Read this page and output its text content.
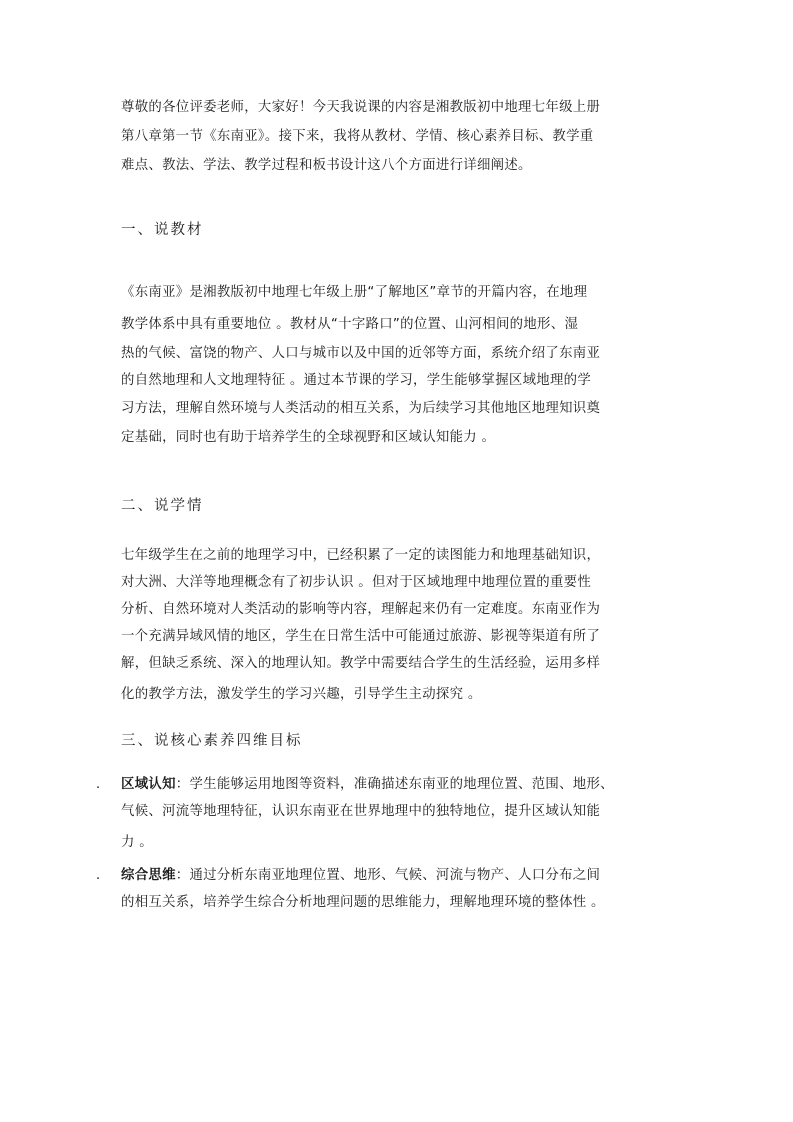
尊敬的各位评委老师，大家好！今天我说课的内容是湘教版初中地理七年级上册
第八章第一节《东南亚》。接下来，我将从教材、学情、核心素养目标、教学重
难点、教法、学法、教学过程和板书设计这八个方面进行详细阐述。
一、说教材
《东南亚》是湘教版初中地理七年级上册“了解地区”章节的开篇内容，在地理
教学体系中具有重要地位 。教材从“十字路口”的位置、山河相间的地形、湿
热的气候、富饶的物产、人口与城市以及中国的近邻等方面，系统介绍了东南亚
的自然地理和人文地理特征 。通过本节课的学习，学生能够掌握区域地理的学
习方法，理解自然环境与人类活动的相互关系，为后续学习其他地区地理知识奠
定基础，同时也有助于培养学生的全球视野和区域认知能力 。
二、说学情
七年级学生在之前的地理学习中，已经积累了一定的读图能力和地理基础知识，
对大洲、大洋等地理概念有了初步认识 。但对于区域地理中地理位置的重要性
分析、自然环境对人类活动的影响等内容，理解起来仍有一定难度。东南亚作为
一个充满异域风情的地区，学生在日常生活中可能通过旅游、影视等渠道有所了
解，但缺乏系统、深入的地理认知。教学中需要结合学生的生活经验，运用多样
化的教学方法，激发学生的学习兴趣，引导学生主动探究 。
三、说核心素养四维目标
. 区域认知：学生能够运用地图等资料，准确描述东南亚的地理位置、范围、地形、
气候、河流等地理特征，认识东南亚在世界地理中的独特地位，提升区域认知能
力 。
. 综合思维：通过分析东南亚地理位置、地形、气候、河流与物产、人口分布之间
的相互关系，培养学生综合分析地理问题的思维能力，理解地理环境的整体性 。
